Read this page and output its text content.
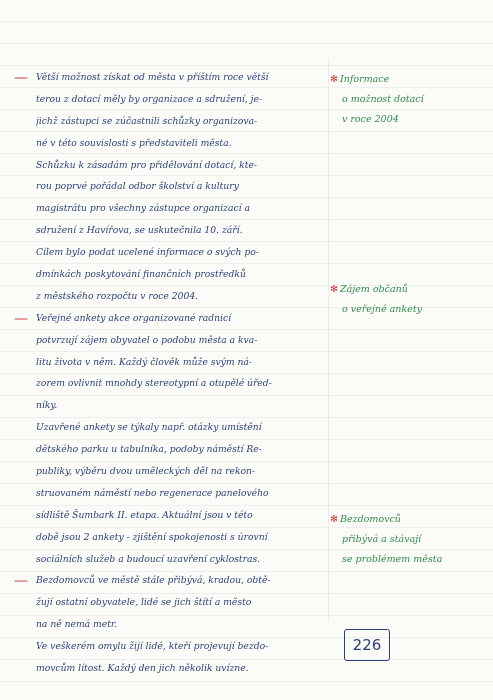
Větší možnost získat od města v příštím roce větší
terou z dotací měly by organizace a sdružení, je-
jichž zástupci se zúčastnili schůzky organizova-
né v této souvislosti s představiteli města.
—
Schůzku k zásadám pro přidělování dotací, kte-
rou poprvé pořádal odbor školství a kultury
magistrátu pro všechny zástupce organizací a
sdružení z Havířova, se uskutečnila 10. září.
Cílem bylo podat ucelené informace o svých po-
dmínkách poskytování finančních prostředků
z městského rozpočtu v roce 2004.
Veřejné ankety akce organizované radnicí
potvrzují zájem obyvatel o podobu města a kva-
litu života v něm. Každý člověk může svým ná-
zorem ovlivnit mnohdy stereotypní a otupělé úřed-
níky.
—
Uzavřené ankety se týkaly např. otázky umístění
dětského parku u tabulníka, podoby náměstí Re-
publiky, výběru dvou uměleckých děl na rekon-
struovaném náměstí nebo regenerace panelového
sídliště Šumbark II. etapa. Aktuální jsou v této
době jsou 2 ankety - zjištění spokojenosti s úrovní
sociálních služeb a budoucí uzavření cyklostras.
Bezdomovců ve městě stále přibývá, kradou, obtě-
žují ostatní obyvatele, lidé se jich štítí a město
na ně nemá metr.
—
Ve veškerém omylu žijí lidé, kteří projevují bezdo-
movcům lítost. Každý den jich několik uvízne.
✻ Informace
o možnost dotací
v roce 2004
✻ Zájem občanů
o veřejné ankety
✻ Bezdomovců
přibývá a stávají
se problémem města
226
